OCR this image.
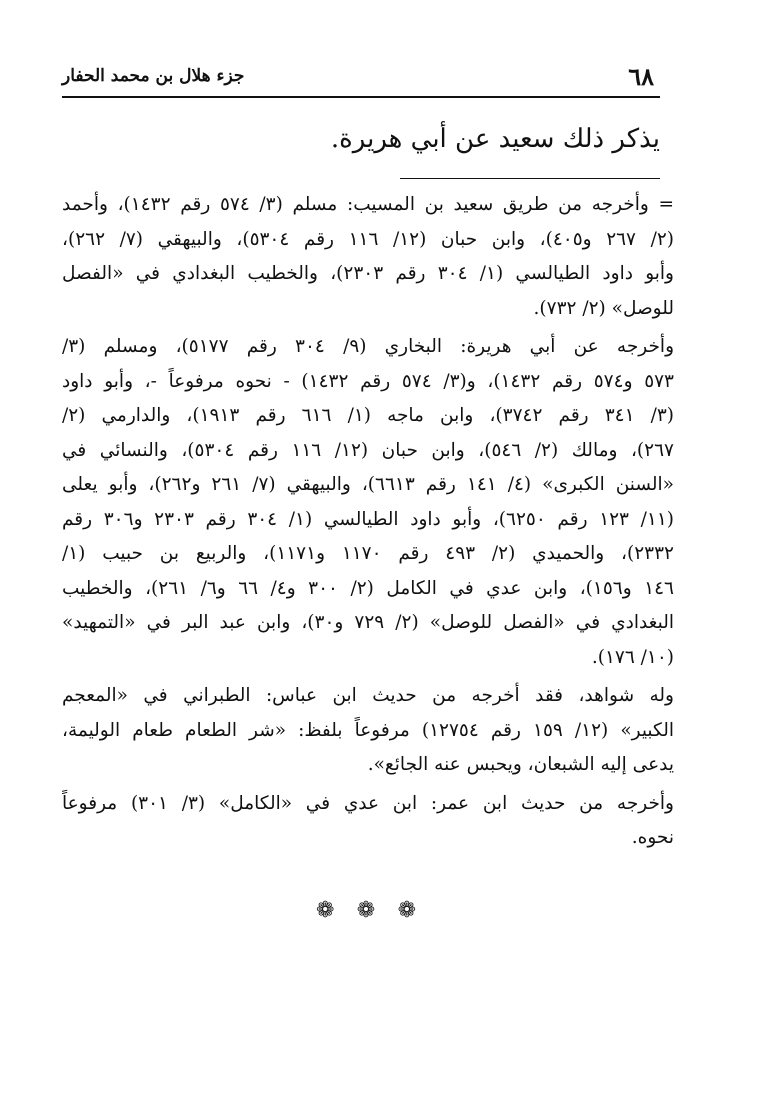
٦٨
جزء هلال بن محمد الحفار
يذكر ذلك سعيد عن أبي هريرة.
= وأخرجه من طريق سعيد بن المسيب: مسلم (٣/ ٥٧٤ رقم ١٤٣٢)، وأحمد
(٢/ ٢٦٧ و٤٠٥)، وابن حبان (١٢/ ١١٦ رقم ٥٣٠٤)، والبيهقي (٧/ ٢٦٢)،
وأبو داود الطيالسي (١/ ٣٠٤ رقم ٢٣٠٣)، والخطيب البغدادي في «الفصل
للوصل» (٢/ ٧٣٢).
وأخرجه عن أبي هريرة: البخاري (٩/ ٣٠٤ رقم ٥١٧٧)، ومسلم (٣/
٥٧٣ و٥٧٤ رقم ١٤٣٢)، و(٣/ ٥٧٤ رقم ١٤٣٢) - نحوه مرفوعاً -، وأبو داود
(٣/ ٣٤١ رقم ٣٧٤٢)، وابن ماجه (١/ ٦١٦ رقم ١٩١٣)، والدارمي (٢/
٢٦٧)، ومالك (٢/ ٥٤٦)، وابن حبان (١٢/ ١١٦ رقم ٥٣٠٤)، والنسائي في
«السنن الكبرى» (٤/ ١٤١ رقم ٦٦١٣)، والبيهقي (٧/ ٢٦١ و٢٦٢)، وأبو يعلى
(١١/ ١٢٣ رقم ٦٢٥٠)، وأبو داود الطيالسي (١/ ٣٠٤ رقم ٢٣٠٣ و٣٠٦ رقم
٢٣٣٢)، والحميدي (٢/ ٤٩٣ رقم ١١٧٠ و١١٧١)، والربيع بن حبيب (١/
١٤٦ و١٥٦)، وابن عدي في الكامل (٢/ ٣٠٠ و٤/ ٦٦ و٦/ ٢٦١)، والخطيب
البغدادي في «الفصل للوصل» (٢/ ٧٢٩ و٣٠)، وابن عبد البر في «التمهيد»
(١٠/ ١٧٦).
وله شواهد، فقد أخرجه من حديث ابن عباس: الطبراني في «المعجم
الكبير» (١٢/ ١٥٩ رقم ١٢٧٥٤) مرفوعاً بلفظ: «شر الطعام طعام الوليمة،
يدعى إليه الشبعان، ويحبس عنه الجائع».
وأخرجه من حديث ابن عمر: ابن عدي في «الكامل» (٣/ ٣٠١) مرفوعاً
نحوه.
❁ ❁ ❁
